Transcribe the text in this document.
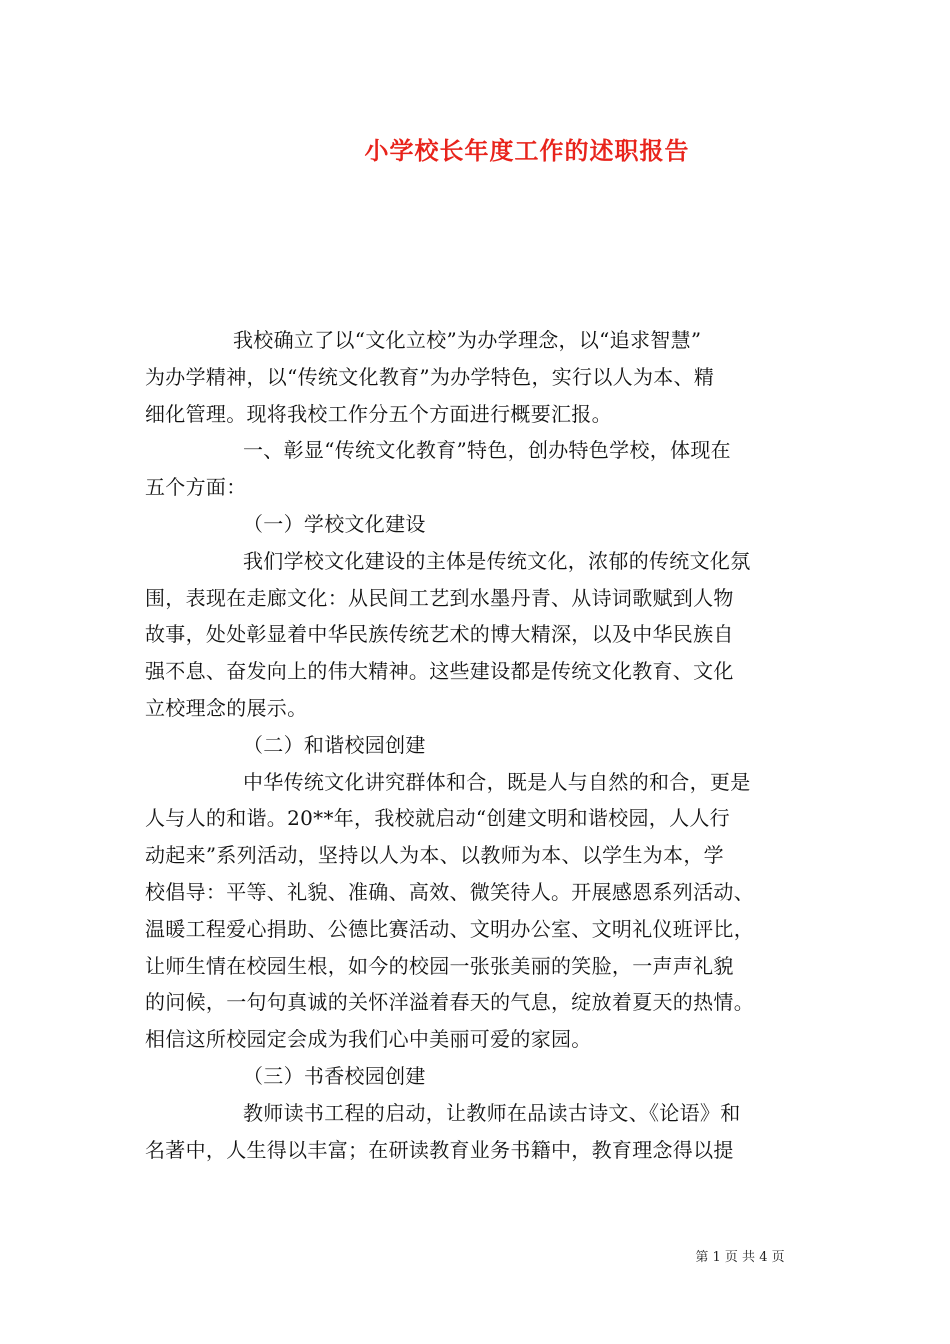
小学校长年度工作的述职报告
我校确立了以“文化立校”为办学理念，以“追求智慧”
为办学精神，以“传统文化教育”为办学特色，实行以人为本、精
细化管理。现将我校工作分五个方面进行概要汇报。
一、彰显“传统文化教育”特色，创办特色学校，体现在
五个方面：
（一）学校文化建设
我们学校文化建设的主体是传统文化，浓郁的传统文化氛
围，表现在走廊文化：从民间工艺到水墨丹青、从诗词歌赋到人物
故事，处处彰显着中华民族传统艺术的博大精深，以及中华民族自
强不息、奋发向上的伟大精神。这些建设都是传统文化教育、文化
立校理念的展示。
（二）和谐校园创建
中华传统文化讲究群体和合，既是人与自然的和合，更是
人与人的和谐。20**年，我校就启动“创建文明和谐校园，人人行
动起来”系列活动，坚持以人为本、以教师为本、以学生为本，学
校倡导：平等、礼貌、准确、高效、微笑待人。开展感恩系列活动、
温暖工程爱心捐助、公德比赛活动、文明办公室、文明礼仪班评比，
让师生情在校园生根，如今的校园一张张美丽的笑脸，一声声礼貌
的问候，一句句真诚的关怀洋溢着春天的气息，绽放着夏天的热情。
相信这所校园定会成为我们心中美丽可爱的家园。
（三）书香校园创建
教师读书工程的启动，让教师在品读古诗文、《论语》和
名著中，人生得以丰富；在研读教育业务书籍中，教育理念得以提
第 1 页 共 4 页
